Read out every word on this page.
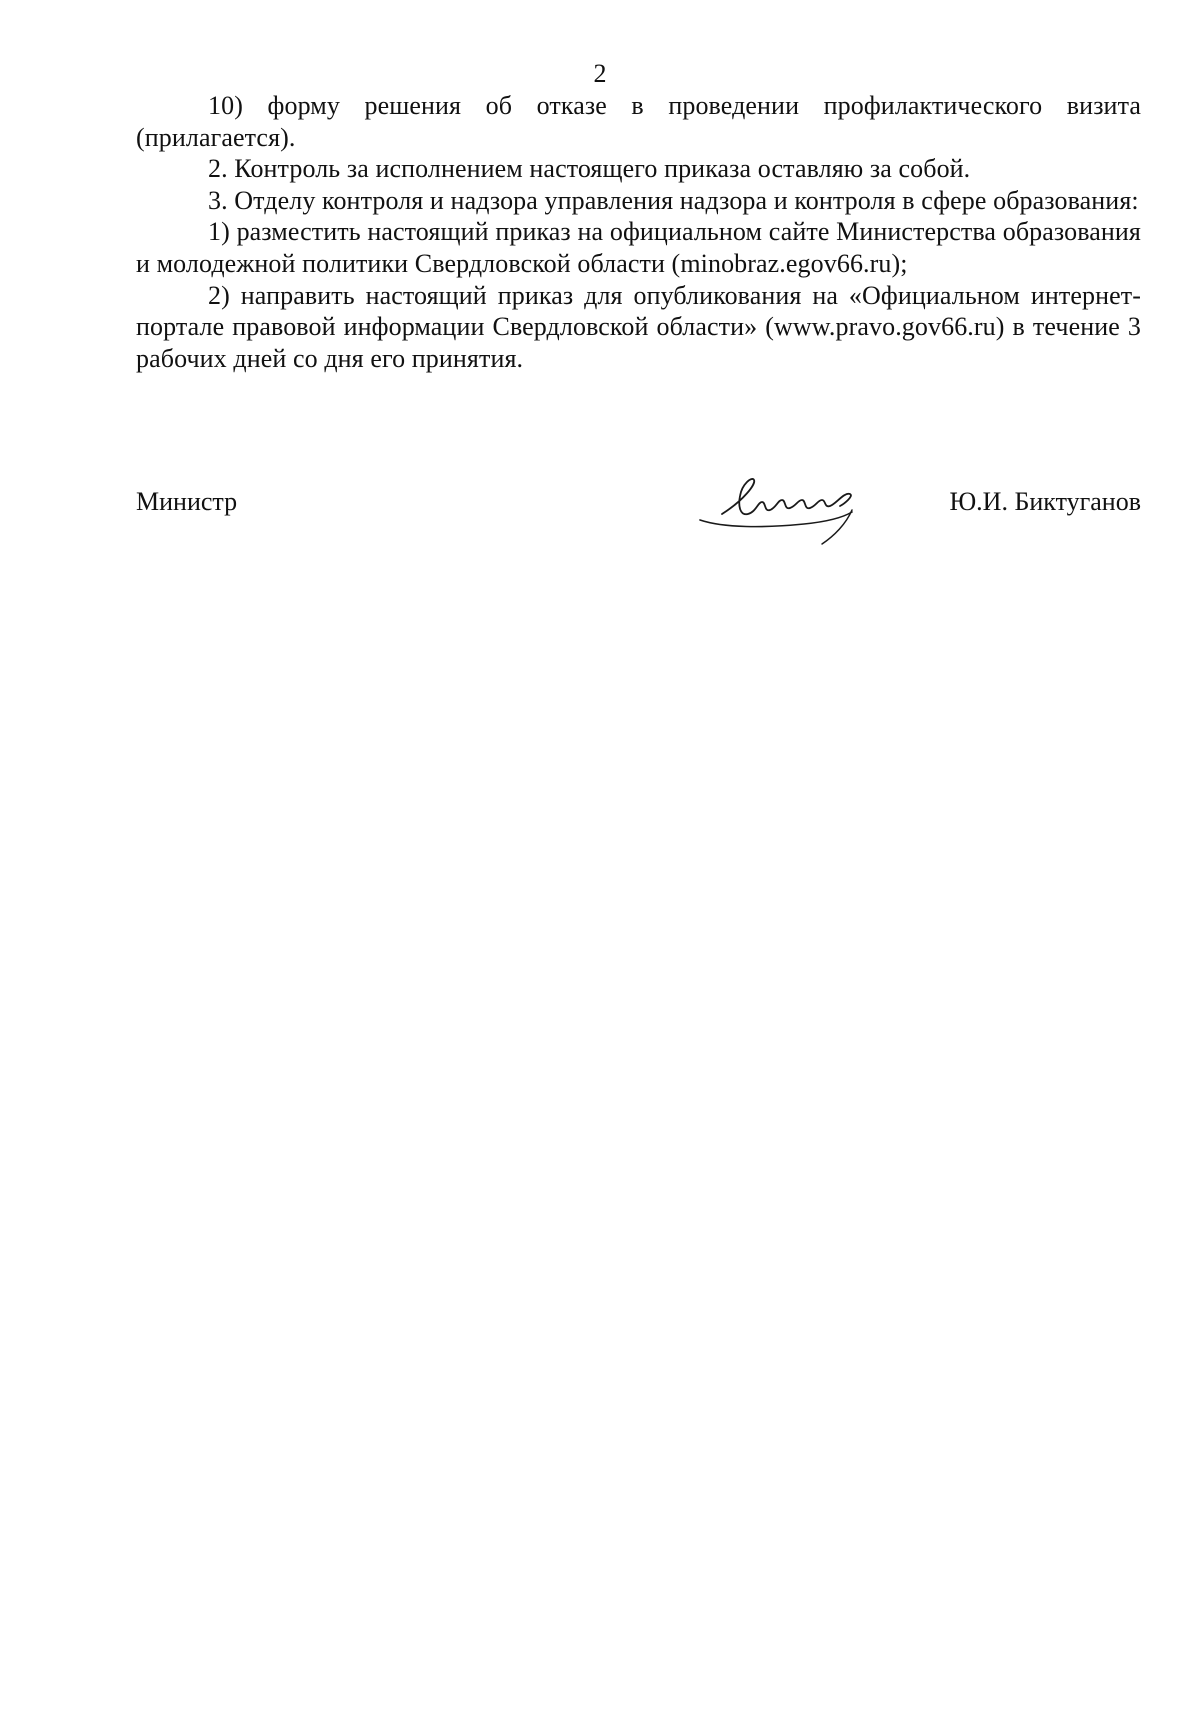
2

10) форму решения об отказе в проведении профилактического визита (прилагается).

2. Контроль за исполнением настоящего приказа оставляю за собой.

3. Отделу контроля и надзора управления надзора и контроля в сфере образования:

1) разместить настоящий приказ на официальном сайте Министерства образования и молодежной политики Свердловской области (minobraz.egov66.ru);

2) направить настоящий приказ для опубликования на «Официальном интернет-портале правовой информации Свердловской области» (www.pravo.gov66.ru) в течение 3 рабочих дней со дня его принятия.

Министр	Ю.И. Биктуганов
